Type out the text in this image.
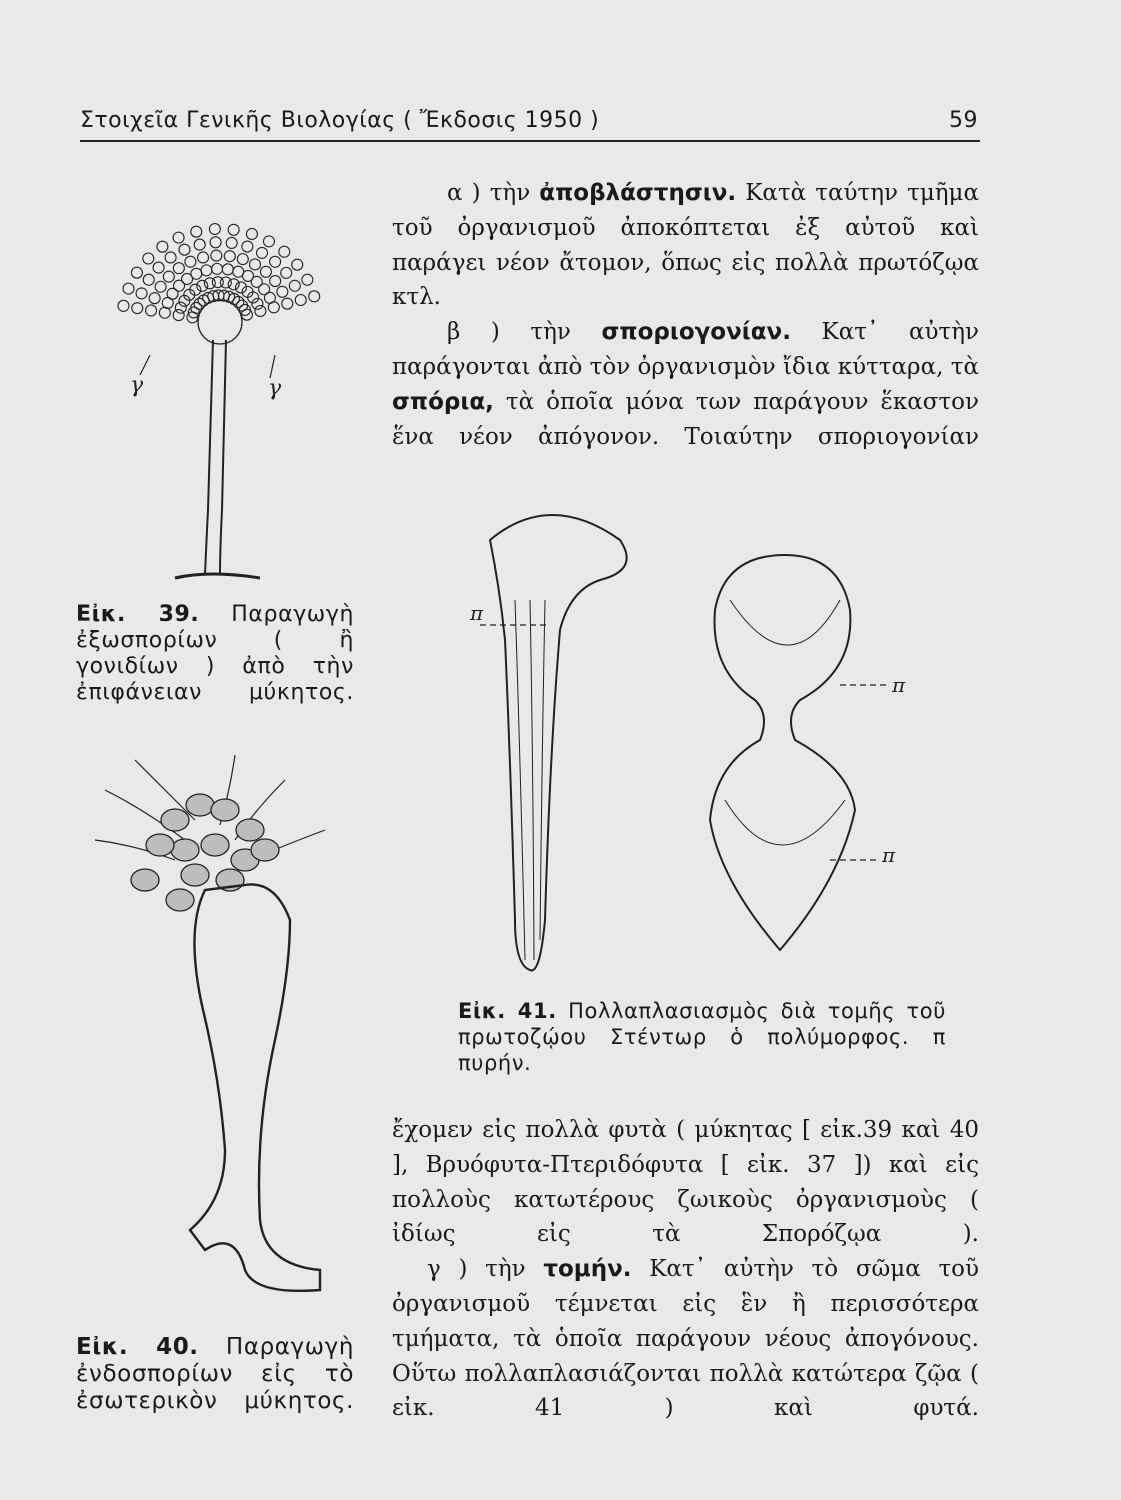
Στοιχεῖα Γενικῆς Βιολογίας ( Ἔκδοσις 1950 )	59

α ) τὴν ἀποβλάστησιν. Κατὰ ταύτην τμῆμα τοῦ ὀργανισμοῦ ἀποκόπτεται ἐξ αὐτοῦ καὶ παράγει νέον ἄτομον, ὅπως εἰς πολλὰ πρωτόζῳα κτλ.

β ) τὴν σποριογονίαν. Κατ᾽ αὐτὴν παράγονται ἀπὸ τὸν ὀργανισμὸν ἴδια κύτταρα, τὰ σπόρια, τὰ ὁποῖα μόνα των παράγουν ἕκαστον ἕνα νέον ἀπόγονον. Τοιαύτην σποριογονίαν

γ	γ
Εἰκ. 39. Παραγωγὴ ἐξωσπορίων ( ἢ γονιδίων ) ἀπὸ τὴν ἐπιφάνειαν μύκητος.
Εἰκ. 40. Παραγωγὴ ἐνδοσπορίων εἰς τὸ ἐσωτερικὸν μύκητος.
π
π
π
Εἰκ. 41. Πολλαπλασιασμὸς διὰ τομῆς τοῦ πρωτοζῴου Στέντωρ ὁ πολύμορφος. π πυρήν.

ἔχομεν εἰς πολλὰ φυτὰ ( μύκητας [ εἰκ.39 καὶ 40 ], Βρυόφυτα-Πτεριδόφυτα [ εἰκ. 37 ]) καὶ εἰς πολλοὺς κατωτέρους ζωικοὺς ὀργανισμοὺς ( ἰδίως εἰς τὰ Σπορόζῳα ).

γ ) τὴν τομήν. Κατ᾽ αὐτὴν τὸ σῶμα τοῦ ὀργανισμοῦ τέμνεται εἰς ἓν ἢ περισσότερα τμήματα, τὰ ὁποῖα παράγουν νέους ἀπογόνους. Οὕτω πολλαπλασιάζονται πολλὰ κατώτερα ζῷα ( εἰκ. 41 ) καὶ φυτά.
